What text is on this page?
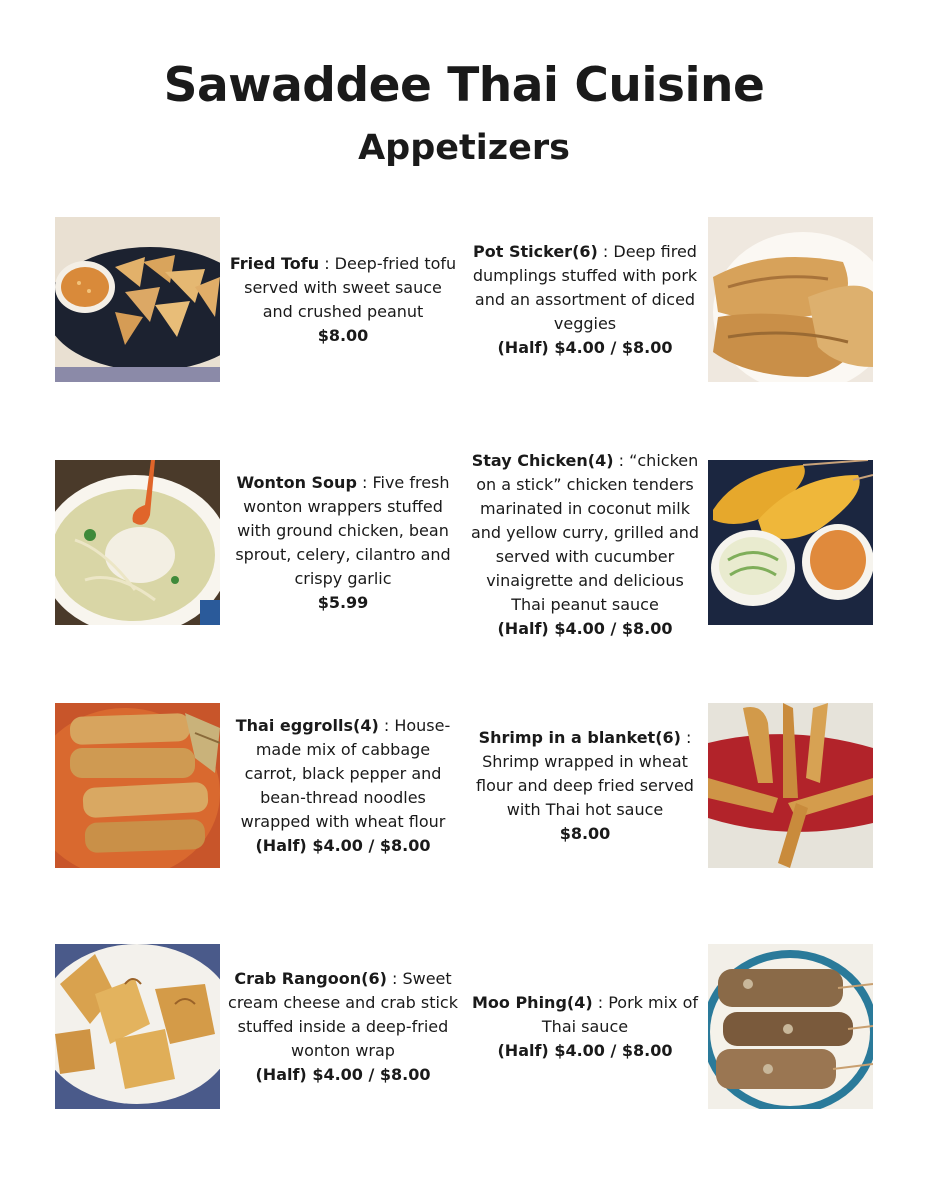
Sawaddee Thai Cuisine
Appetizers
Fried Tofu : Deep-fried tofu served with sweet sauce and crushed peanut
$8.00
Pot Sticker(6) : Deep fired dumplings stuffed with pork and an assortment of diced veggies
(Half) $4.00 / $8.00
Wonton Soup : Five fresh wonton wrappers stuffed with ground chicken, bean sprout, celery, cilantro and crispy garlic
$5.99
Stay Chicken(4) : “chicken on a stick” chicken tenders marinated in coconut milk and yellow curry, grilled and served with cucumber vinaigrette and delicious Thai peanut sauce
(Half) $4.00 / $8.00
Thai eggrolls(4) : House-made mix of cabbage carrot, black pepper and bean-thread noodles wrapped with wheat flour
(Half) $4.00 / $8.00
Shrimp in a blanket(6) : Shrimp wrapped in wheat flour and deep fried served with Thai hot sauce
$8.00
Crab Rangoon(6) : Sweet cream cheese and crab stick stuffed inside a deep-fried wonton wrap
(Half) $4.00 / $8.00
Moo Phing(4) : Pork mix of Thai sauce
(Half) $4.00 / $8.00
